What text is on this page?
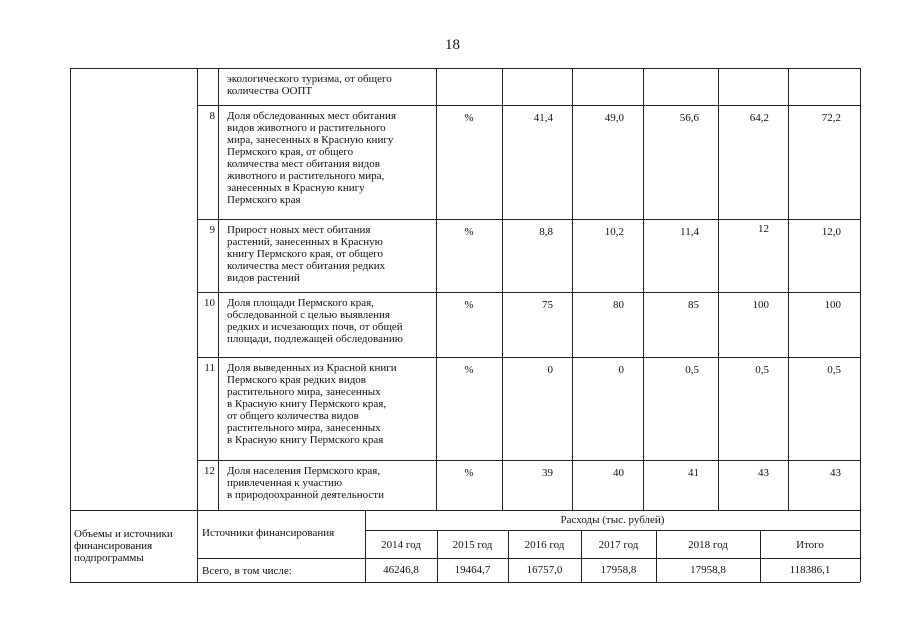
18
экологического туризма, от общего
количества ООПТ
8 Доля обследованных мест обитания
видов животного и растительного
мира, занесенных в Красную книгу
Пермского края, от общего
количества мест обитания видов
животного и растительного мира,
занесенных в Красную книгу
Пермского края
%	41,4	49,0	56,6	64,2	72,2
9 Прирост новых мест обитания
растений, занесенных в Красную
книгу Пермского края, от общего
количества мест обитания редких
видов растений
%	8,8	10,2	11,4	12	12,0
10 Доля площади Пермского края,
обследованной с целью выявления
редких и исчезающих почв, от общей
площади, подлежащей обследованию
%	75	80	85	100	100
11 Доля выведенных из Красной книги
Пермского края редких видов
растительного мира, занесенных
в Красную книгу Пермского края,
от общего количества видов
растительного мира, занесенных
в Красную книгу Пермского края
%	0	0	0,5	0,5	0,5
12 Доля населения Пермского края,
привлеченная к участию
в природоохранной деятельности
%	39	40	41	43	43
Объемы и источники
финансирования
подпрограммы
Источники финансирования
Расходы (тыс. рублей)
2014 год	2015 год	2016 год	2017 год	2018 год	Итого
Всего, в том числе:	46246,8	19464,7	16757,0	17958,8	17958,8	118386,1
